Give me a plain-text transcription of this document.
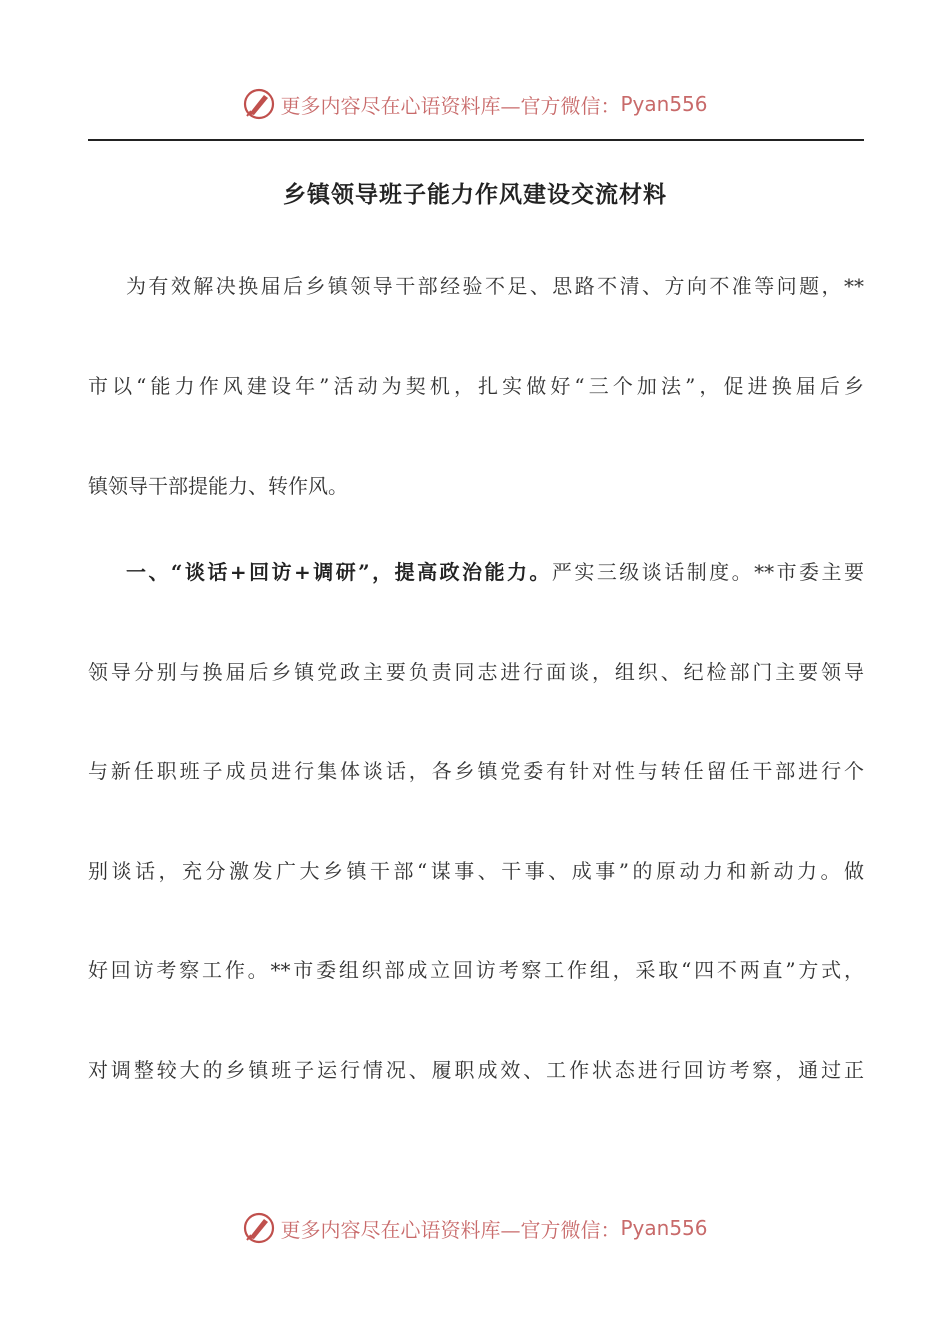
更多内容尽在心语资料库— 官方微信： Pyan556
乡镇领导班子能力作风建设交流材料
为有效解决换届后乡镇领导干部经验不足、思路不清、方向不准等问题，**
市以“能力作风建设年”活动为契机，扎实做好“三个加法”，促进换届后乡
镇领导干部提能力、转作风。
一、“谈话+回访+调研”，提高政治能力。严实三级谈话制度。**市委主要
领导分别与换届后乡镇党政主要负责同志进行面谈，组织、纪检部门主要领导
与新任职班子成员进行集体谈话，各乡镇党委有针对性与转任留任干部进行个
别谈话，充分激发广大乡镇干部“谋事、干事、成事”的原动力和新动力。做
好回访考察工作。**市委组织部成立回访考察工作组，采取“四不两直”方式，
对调整较大的乡镇班子运行情况、履职成效、工作状态进行回访考察，通过正
更多内容尽在心语资料库— 官方微信： Pyan556
